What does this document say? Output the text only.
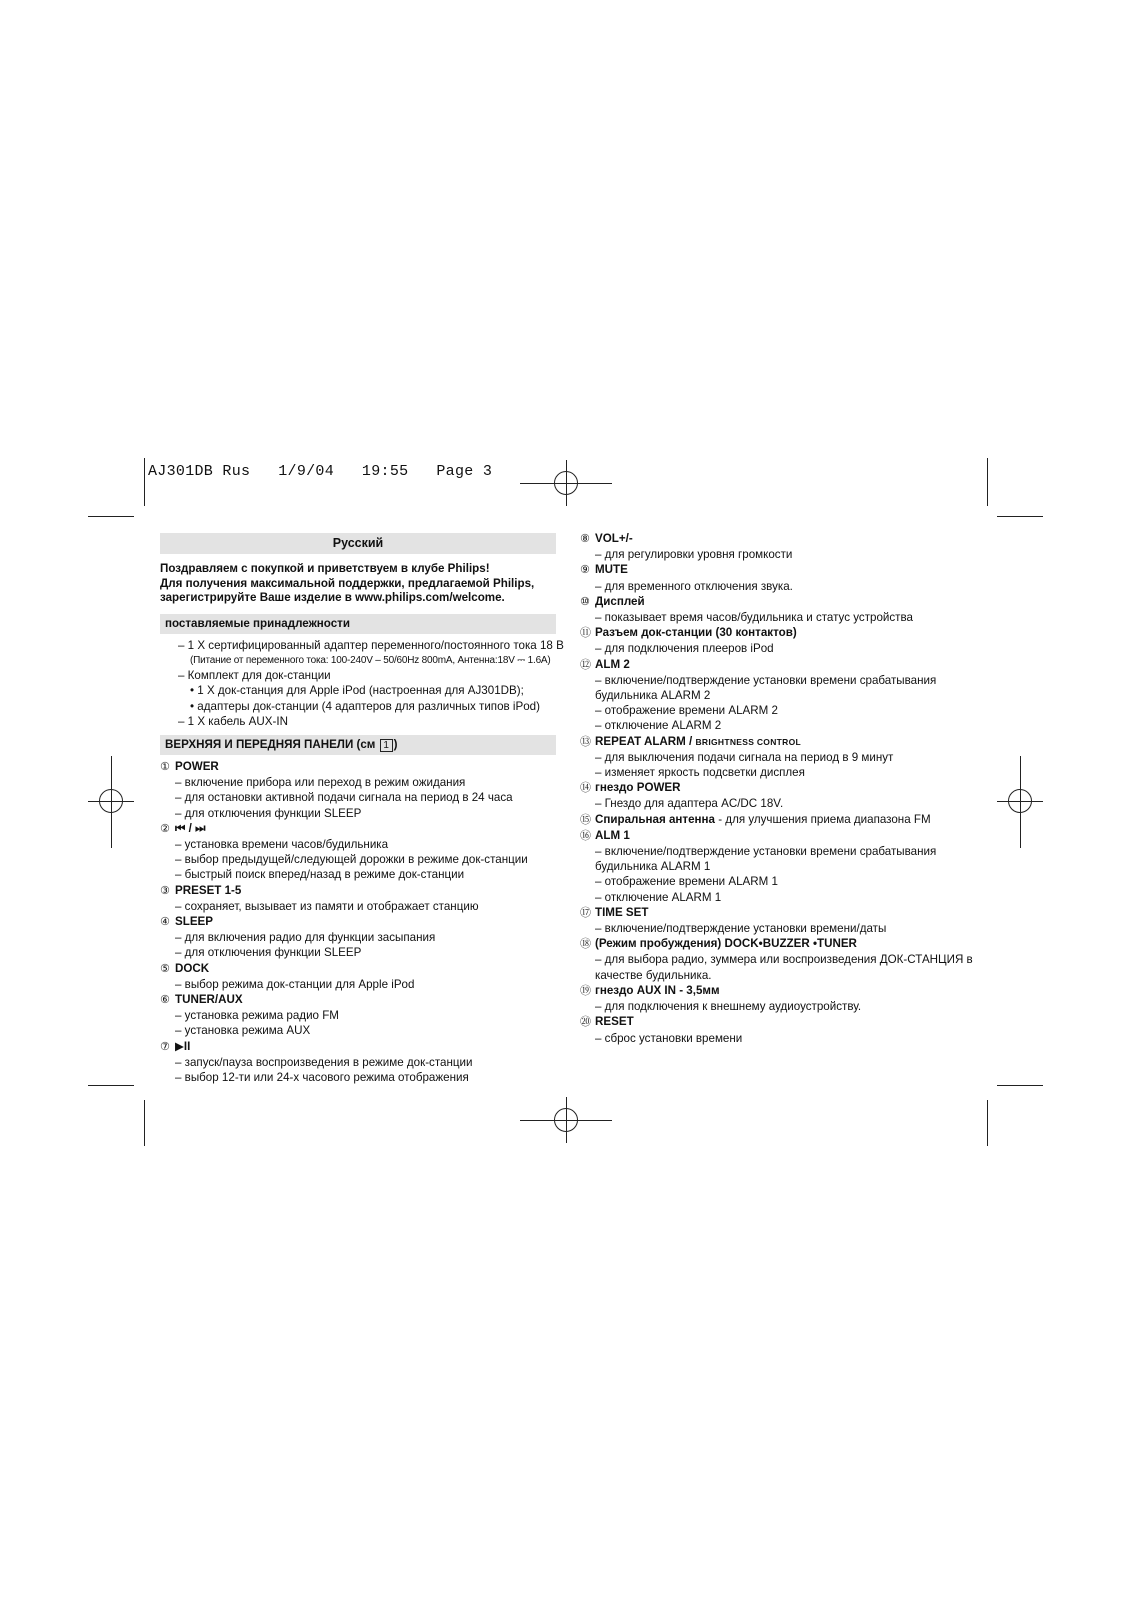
AJ301DB Rus   1/9/04   19:55   Page 3
Русский
Поздравляем с покупкой и приветствуем в клубе Philips!
Для получения максимальной поддержки, предлагаемой Philips,
зарегистрируйте Ваше изделие в www.philips.com/welcome.
поставляемые принадлежности
– 1 X сертифицированный адаптер переменного/постоянного тока 18 В
(Питание от переменного тока: 100-240V – 50/60Hz 800mA, Антенна:18V ⎓ 1.6A)
– Комплект для док-станции
• 1 X док-станция для Apple iPod (настроенная для AJ301DB);
• адаптеры док-станции (4 адаптеров для различных типов iPod)
– 1 X кабель AUX-IN
ВЕРХНЯЯ И ПЕРЕДНЯЯ ПАНЕЛИ (см 1 )
① POWER
– включение прибора или переход в режим ожидания
– для остановки активной подачи сигнала на период в 24 часа
– для отключения функции SLEEP
② ⏮ / ⏭
– установка времени часов/будильника
– выбор предыдущей/следующей дорожки в режиме док-станции
– быстрый поиск вперед/назад в режиме док-станции
③ PRESET 1-5
– сохраняет, вызывает из памяти и отображает станцию
④ SLEEP
– для включения радио для функции засыпания
– для отключения функции SLEEP
⑤ DOCK
– выбор режима док-станции для Apple iPod
⑥ TUNER/AUX
– установка режима радио FM
– установка режима AUX
⑦ ▶II
– запуск/пауза воспроизведения в режиме док-станции
– выбор 12-ти или 24-х часового режима отображения
⑧ VOL+/-
– для регулировки уровня громкости
⑨ MUTE
– для временного отключения звука.
⑩ Дисплей
– показывает время часов/будильника и статус устройства
⑪ Разъем док-станции (30 контактов)
– для подключения плееров iPod
⑫ ALM 2
– включение/подтверждение установки времени срабатывания
будильника ALARM 2
– отображение времени ALARM 2
– отключение ALARM 2
⑬ REPEAT ALARM / BRIGHTNESS CONTROL
– для выключения подачи сигнала на период в 9 минут
– изменяет яркость подсветки дисплея
⑭ гнездо POWER
– Гнездо для адаптера AC/DC 18V.
⑮ Спиральная антенна - для улучшения приема диапазона FM
⑯ ALM 1
– включение/подтверждение установки времени срабатывания
будильника ALARM 1
– отображение времени ALARM 1
– отключение ALARM 1
⑰ TIME SET
– включение/подтверждение установки времени/даты
⑱ (Режим пробуждения) DOCK•BUZZER •TUNER
– для выбора радио, зуммера или воспроизведения ДОК-СТАНЦИЯ в
качестве будильника.
⑲ гнездо AUX IN - 3,5мм
– для подключения к внешнему аудиоустройству.
⑳ RESET
– сброс установки времени
